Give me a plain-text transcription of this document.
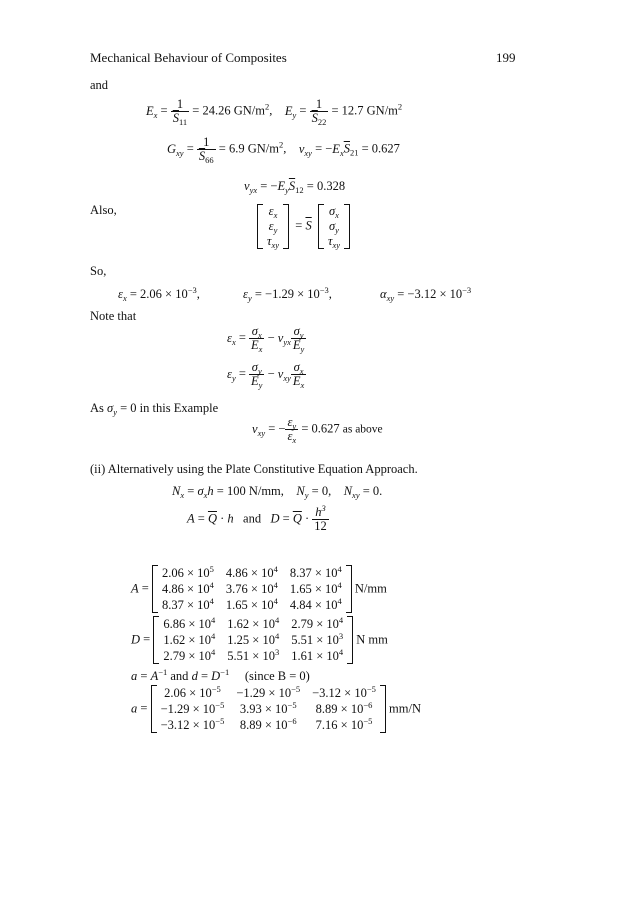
Mechanical Behaviour of Composites	199
and
$E_x = \frac{1}{\overline{S}_{11}} = 24.26$ $GN/m^2$,    $E_y = \frac{1}{\overline{S}_{22}} = 12.7$ $GN/m^2$
$G_{xy} = \frac{1}{\overline{S}_{66}} = 6.9$ $GN/m^2$,    $\nu_{xy} = -E_x\overline{S}_{21} = 0.627$
$\nu_{yx} = -E_y\overline{S}_{12} = 0.328$
Also,	$\varepsilon_x$
$\varepsilon_y$
$\tau_{xy}$
= $\overline{S}$
$\sigma_x$
$\sigma_y$
$\tau_{xy}$
So,
$\varepsilon_x = 2.06 \times 10^{-3}$,	$\varepsilon_y = -1.29 \times 10^{-3}$,	$\alpha_{xy} = -3.12 \times 10^{-3}$
Note that
$\varepsilon_x = \frac{\sigma_x}{E_x} - \nu_{yx} \frac{\sigma_y}{E_y}$
$\varepsilon_y = \frac{\sigma_y}{E_y} - \nu_{xy} \frac{\sigma_x}{E_x}$
As $\sigma_y = 0$ in this Example
$\nu_{xy}$ = − $\frac{\varepsilon_y}{\varepsilon_x} = 0.627$ as above
(ii) Alternatively using the Plate Constitutive Equation Approach.
$N_x = \sigma_xh = 100$ N/mm, $N_y = 0$, $N_{xy} = 0$.
$A = \overline{Q} \cdot h$ and $D = \overline{Q} \cdot \frac{h^3}{12}$
A =
$2.06 \times 10^5$ $4.86 \times 10^4$ $8.37 \times 10^4$
$4.86 \times 10^4$ $3.76 \times 10^4$ $1.65 \times 10^4$
$8.37 \times 10^4$ $1.65 \times 10^4$ $4.84 \times 10^4$
N/mm
D =
$6.86 \times 10^4$ $1.62 \times 10^4$ $2.79 \times 10^4$
$1.62 \times 10^4$ $1.25 \times 10^4$ $5.51 \times 10^3$
$2.79 \times 10^4$ $5.51 \times 10^3$ $1.61 \times 10^4$
N mm
$a = A^{-1}$ and $d = D^{-1}$ (since B = 0)
a =
$2.06 \times 10^{-5} -1.29 \times 10^{-5} -3.12 \times 10^{-5}$
$-1.29 \times 10^{-5}$ $3.93 \times 10^{-5}$ $8.89 \times 10^{-6}$
$-3.12 \times 10^{-5}$ $8.89 \times 10^{-6}$ $7.16 \times 10^{-5}$
mm/N
